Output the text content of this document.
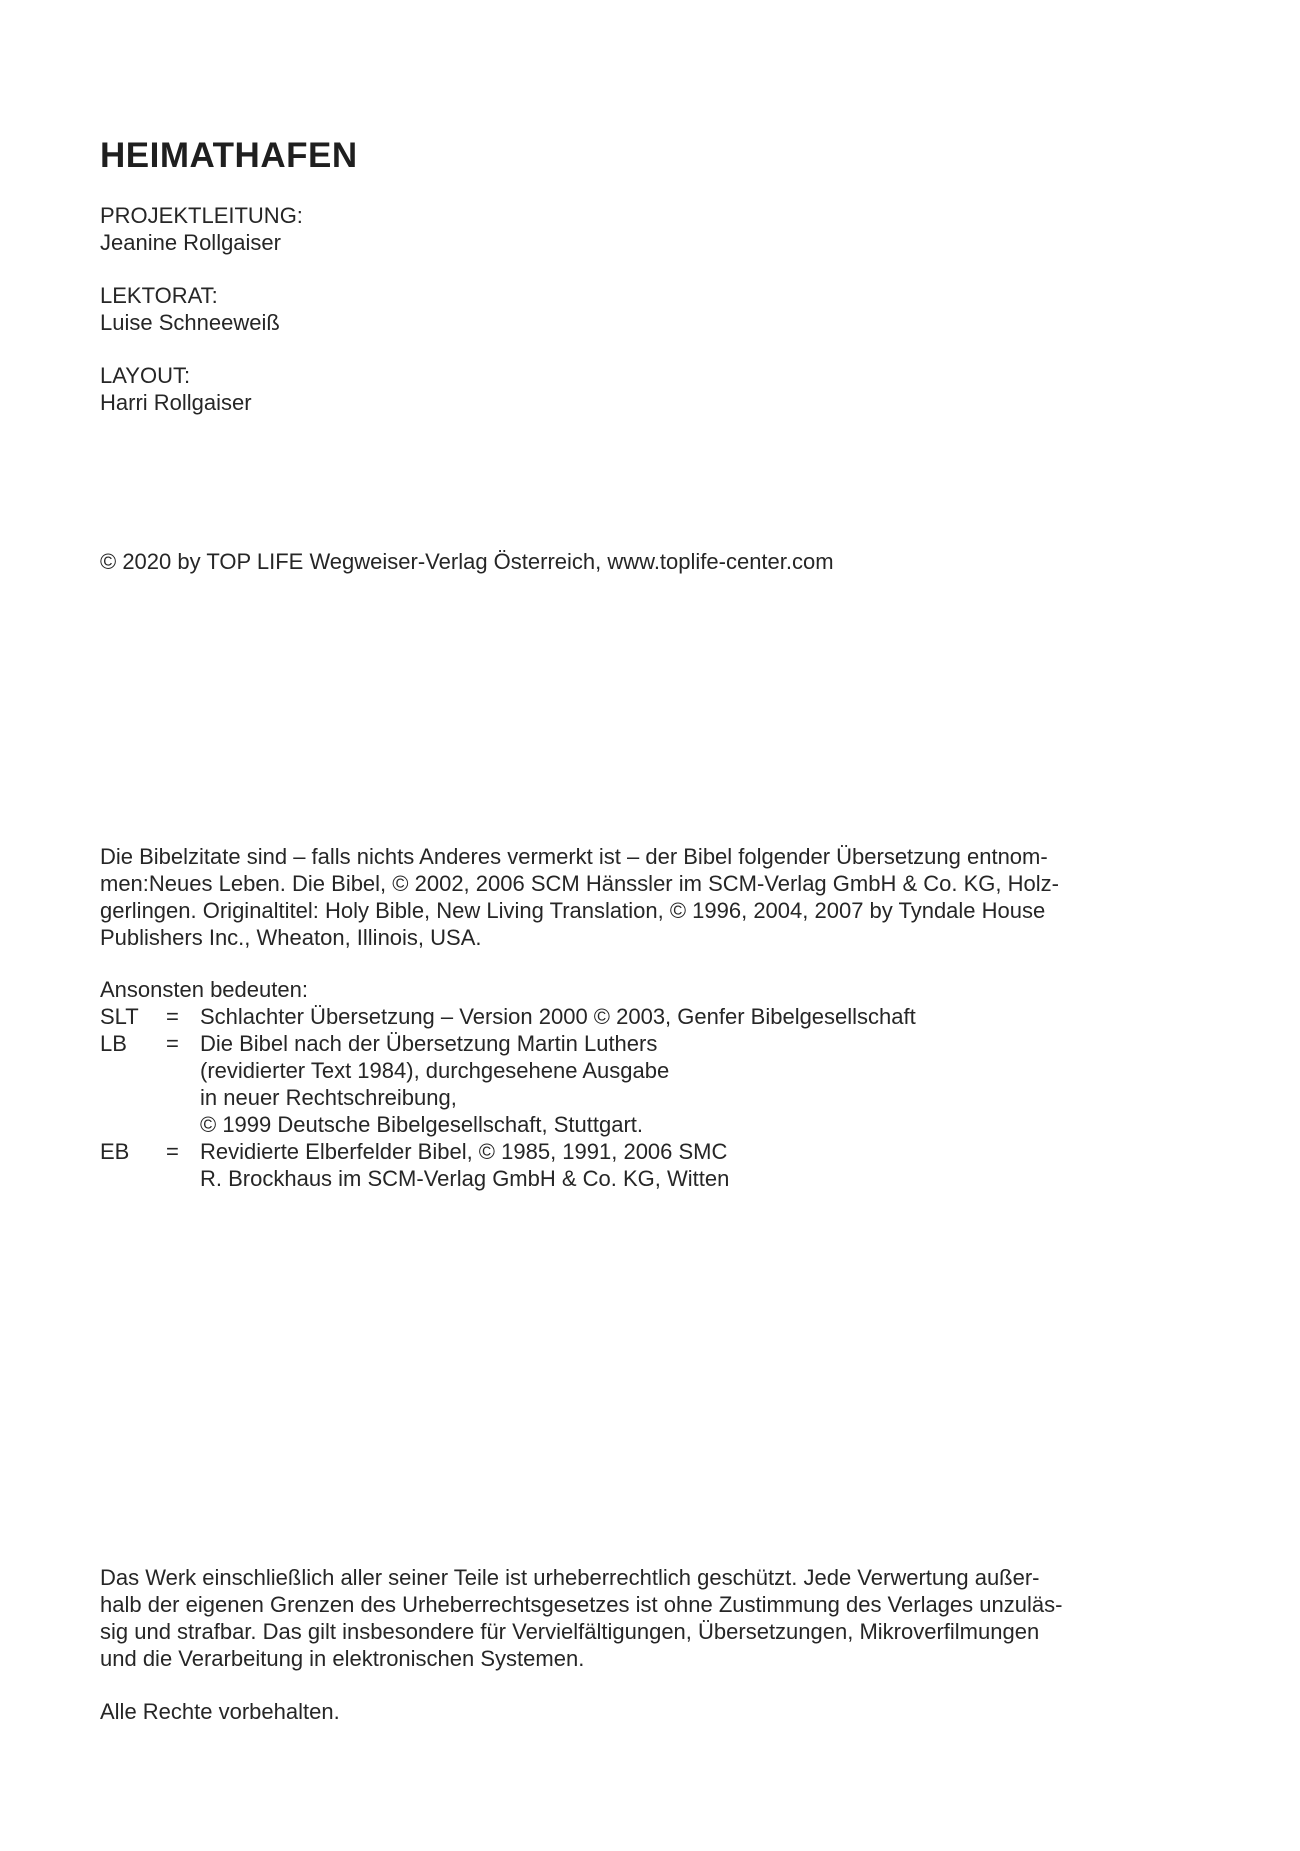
HEIMATHAFEN
PROJEKTLEITUNG:
Jeanine Rollgaiser
LEKTORAT:
Luise Schneeweiß
LAYOUT:
Harri Rollgaiser
© 2020 by TOP LIFE Wegweiser-Verlag Österreich, www.toplife-center.com
Die Bibelzitate sind – falls nichts Anderes vermerkt ist – der Bibel folgender Übersetzung entnom-
men:Neues Leben. Die Bibel, © 2002, 2006 SCM Hänssler im SCM-Verlag GmbH & Co. KG, Holz-
gerlingen. Originaltitel: Holy Bible, New Living Translation, © 1996, 2004, 2007 by Tyndale House
Publishers Inc., Wheaton, Illinois, USA.
Ansonsten bedeuten:
SLT	= Schlachter Übersetzung – Version 2000 © 2003, Genfer Bibelgesellschaft
LB	= Die Bibel nach der Übersetzung Martin Luthers
(revidierter Text 1984), durchgesehene Ausgabe
in neuer Rechtschreibung,
© 1999 Deutsche Bibelgesellschaft, Stuttgart.
EB	= Revidierte Elberfelder Bibel, © 1985, 1991, 2006 SMC
R. Brockhaus im SCM-Verlag GmbH & Co. KG, Witten
Das Werk einschließlich aller seiner Teile ist urheberrechtlich geschützt. Jede Verwertung außer-
halb der eigenen Grenzen des Urheberrechtsgesetzes ist ohne Zustimmung des Verlages unzuläs-
sig und strafbar. Das gilt insbesondere für Vervielfältigungen, Übersetzungen, Mikroverfilmungen
und die Verarbeitung in elektronischen Systemen.
Alle Rechte vorbehalten.
